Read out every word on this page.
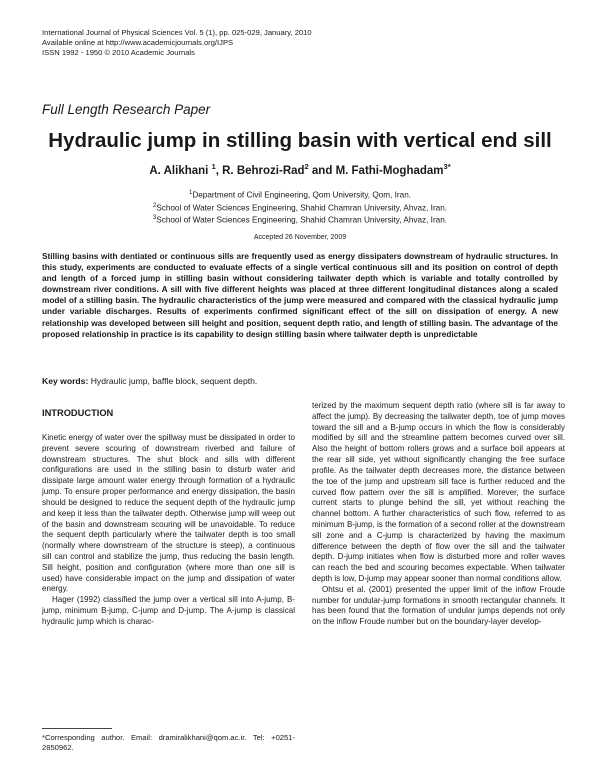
International Journal of Physical Sciences Vol. 5 (1), pp. 025-029, January, 2010
Available online at http://www.academicjournals.org/IJPS
ISSN 1992 - 1950 © 2010 Academic Journals
Full Length Research Paper
Hydraulic jump in stilling basin with vertical end sill
A. Alikhani $^1$, R. Behrozi-Rad$^2$ and M. Fathi-Moghadam$^{3*}$
$^1$Department of Civil Engineering, Qom University, Qom, Iran.
$^2$School of Water Sciences Engineering, Shahid Chamran University, Ahvaz, Iran.
$^3$School of Water Sciences Engineering, Shahid Chamran University, Ahvaz, Iran.
Accepted 26 November, 2009
Stilling basins with dentiated or continuous sills are frequently used as energy dissipaters downstream of hydraulic structures. In this study, experiments are conducted to evaluate effects of a single vertical continuous sill and its position on control of depth and length of a forced jump in stilling basin without considering tailwater depth which is variable and totally controlled by downstream river conditions. A sill with five different heights was placed at three different longitudinal distances along a scaled model of a stilling basin. The hydraulic characteristics of the jump were measured and compared with the classical hydraulic jump under variable discharges. Results of experiments confirmed significant effect of the sill on dissipation of energy. A new relationship was developed between sill height and position, sequent depth ratio, and length of stilling basin. The advantage of the proposed relationship in practice is its capability to design stilling basin where tailwater depth is unpredictable
Key words: Hydraulic jump, baffle block, sequent depth.
INTRODUCTION

Kinetic energy of water over the spillway must be dissipated in order to prevent severe scouring of downstream riverbed and failure of downstream structures. The shut block and sills with different configurations are used in the stilling basin to disturb water and dissipate large amount water energy through formation of a hydraulic jump. To ensure proper performance and energy dissipation, the basin should be designed to reduce the sequent depth of the hydraulic jump and keep it less than the tailwater depth. Otherwise jump will weep out of the basin and downstream scouring will be unavoidable. To reduce the sequent depth particularly where the tailwater depth is too small (normally where downstream of the structure is steep), a continuous sill can control and stabilize the jump, thus reducing the basin length. Sill height, position and configuration (where more than one sill is used) have considerable impact on the jump and dissipation of water energy.

Hager (1992) classified the jump over a vertical sill into A-jump, B-jump, minimum B-jump, C-jump and D-jump. The A-jump is classical hydraulic jump which is charac-

terized by the maximum sequent depth ratio (where sill is far away to affect the jump). By decreasing the tailwater depth, toe of jump moves toward the sill and a B-jump occurs in which the flow is considerably modified by sill and the streamline pattern becomes curved over sill. Also the height of bottom rollers grows and a surface boil appears at the rear sill side, yet without significantly changing the free surface profile. As the tailwater depth decreases more, the distance between the toe of the jump and upstream sill face is further reduced and the curved flow pattern over the sill is amplified. Morever, the surface current starts to plunge behind the sill, yet without reaching the channel bottom. A further characteristics of such flow, referred to as minimum B-jump, is the formation of a second roller at the downstream sill zone and a C-jump is characterized by having the maximum difference between the depth of flow over the sill and the tailwater depth. D-jump initiates when flow is disturbed more and roller waves can reach the bed and scouring becomes expectable. When tailwater depth is low, D-jump may appear sooner than normal conditions allow.

Ohtsu et al. (2001) presented the upper limit of the inflow Froude number for undular-jump formations in smooth rectangular channels. It has been found that the formation of undular jumps depends not only on the inflow Froude number but on the boundary-layer develop-

*Corresponding author. Email: dramiralikhani@qom.ac.ir. Tel: +0251-2850962.
